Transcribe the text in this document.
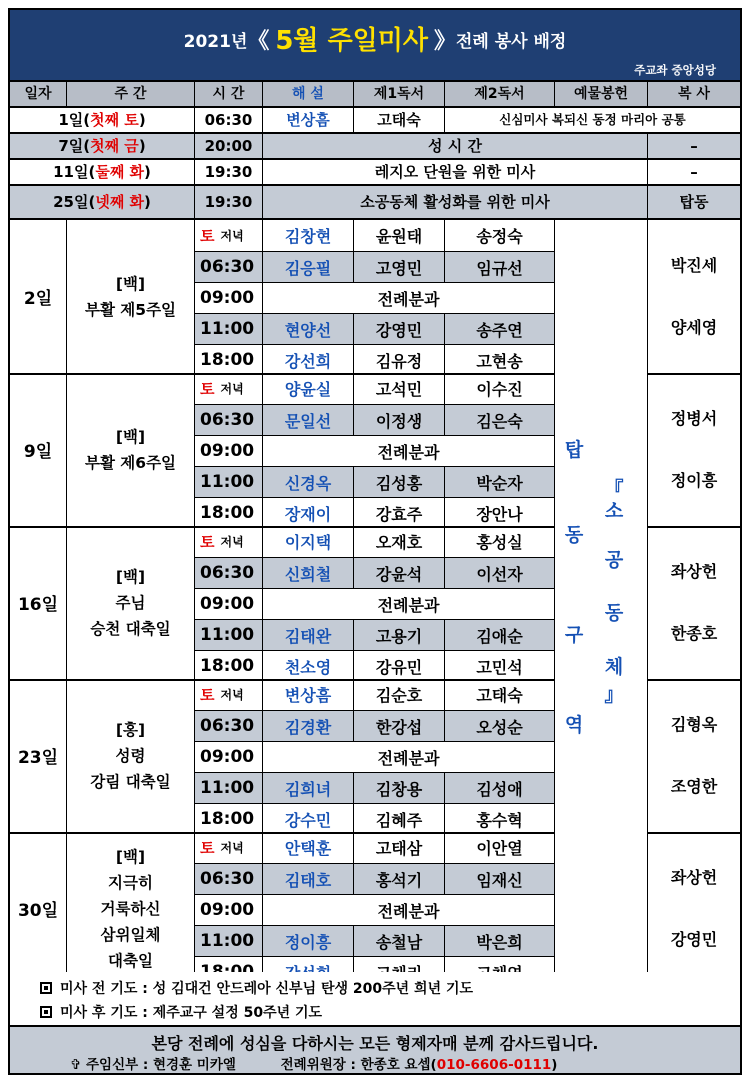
2021년《 5월 주일미사 》전례 봉사 배정
주교좌 중앙성당
일자	주 간	시 간	해 설	제1독서	제2독서	예물봉헌	복 사
1일(첫째 토)	06:30	변상흠	고태숙	신심미사 복되신 동정 마리아 공통
7일(첫째 금)	20:00	성 시 간	–
11일(둘째 화)	19:30	레지오 단원을 위한 미사	–
25일(넷째 화)	19:30	소공동체 활성화를 위한 미사	탑동
2일
[백]
부활 제5주일
토 저녁	김창현	윤원태	송정숙
06:30	김응필	고영민	임규선
09:00	전례분과
11:00	현양선	강영민	송주연
18:00	강선희	김유정	고현송
박진세
양세영
9일
[백]
부활 제6주일
토 저녁	양윤실	고석민	이수진
06:30	문일선	이정생	김은숙
09:00	전례분과
11:00	신경옥	김성홍	박순자
18:00	장재이	강효주	장안나
정병서
정이흥
16일
[백]
주님
승천 대축일
토 저녁	이지택	오재호	홍성실
06:30	신희철	강윤석	이선자
09:00	전례분과
11:00	김태완	고용기	김애순
18:00	천소영	강유민	고민석
좌상헌
한종호
23일
[홍]
성령
강림 대축일
토 저녁	변상흠	김순호	고태숙
06:30	김경환	한강섭	오성순
09:00	전례분과
11:00	김희녀	김창용	김성애
18:00	강수민	김혜주	홍수혁
김형옥
조영한
30일
[백]
지극히
거룩하신
삼위일체
대축일
토 저녁	안택훈	고태삼	이안열
06:30	김태호	홍석기	임재신
09:00	전례분과
11:00	정이흥	송철남	박은희
좌상헌
강영민
탑
동
구
역
『
소
공
동
체
』
미사 전 기도 : 성 김대건 안드레아 신부님 탄생 200주년 희년 기도
미사 후 기도 : 제주교구 설정 50주년 기도
본당 전례에 성심을 다하시는 모든 형제자매 분께 감사드립니다.
✞ 주임신부 : 현경훈 미카엘	전례위원장 : 한종호 요셉(010-6606-0111)
